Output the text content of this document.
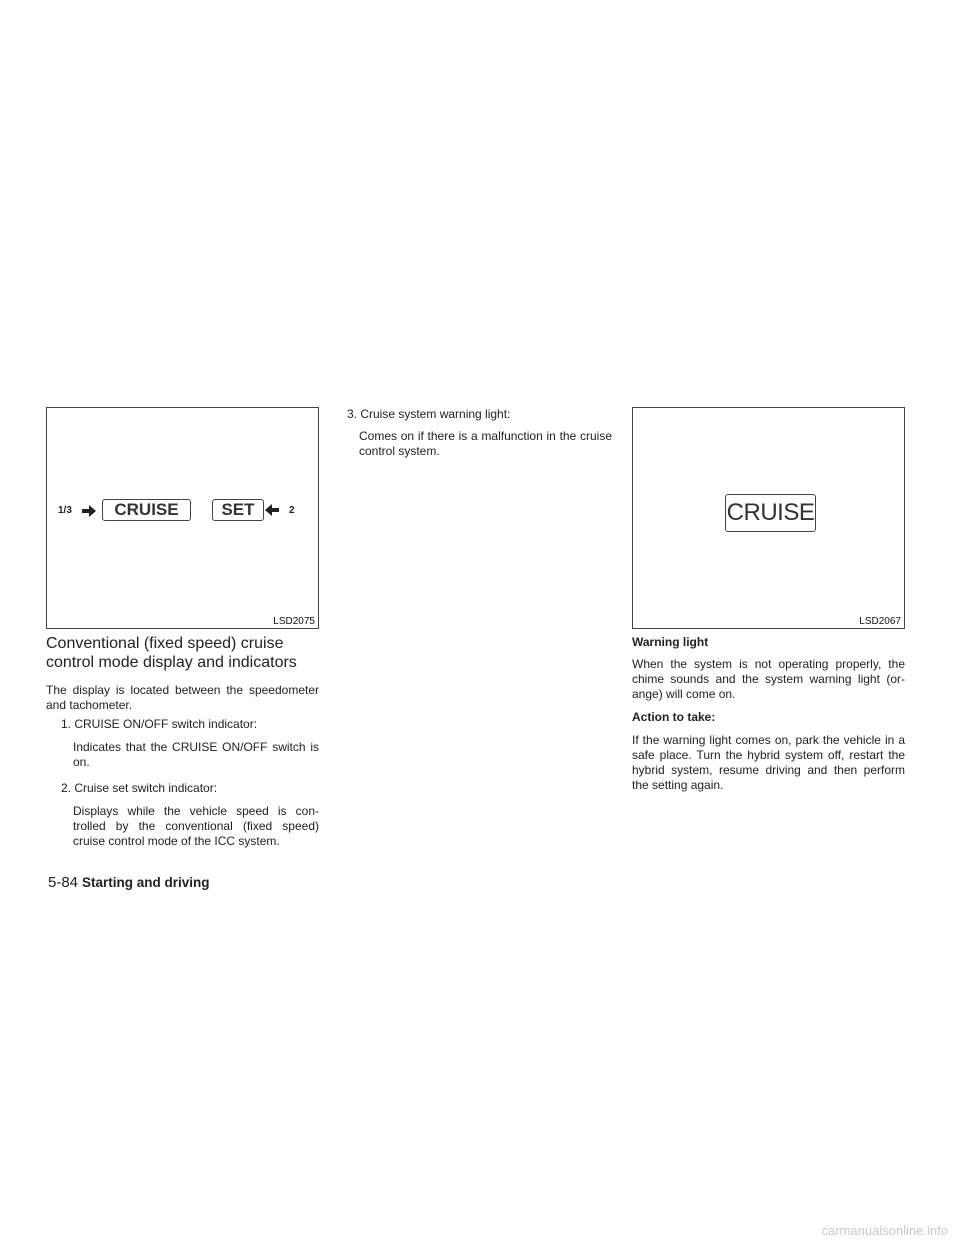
1/3	CRUISE	SET	2
LSD2075
CRUISE
LSD2067
Conventional (fixed speed) cruise
control mode display and indicators
The display is located between the speedometer and tachometer.
1. CRUISE ON/OFF switch indicator:
Indicates that the CRUISE ON/OFF switch is on.
2. Cruise set switch indicator:
Displays while the vehicle speed is con- trolled by the conventional (fixed speed) cruise control mode of the ICC system.
3. Cruise system warning light:
Comes on if there is a malfunction in the cruise control system.
Warning light
When the system is not operating properly, the chime sounds and the system warning light (or- ange) will come on.
Action to take:
If the warning light comes on, park the vehicle in a safe place. Turn the hybrid system off, restart the hybrid system, resume driving and then perform the setting again.
5-84 Starting and driving
carmanualsonline.info
